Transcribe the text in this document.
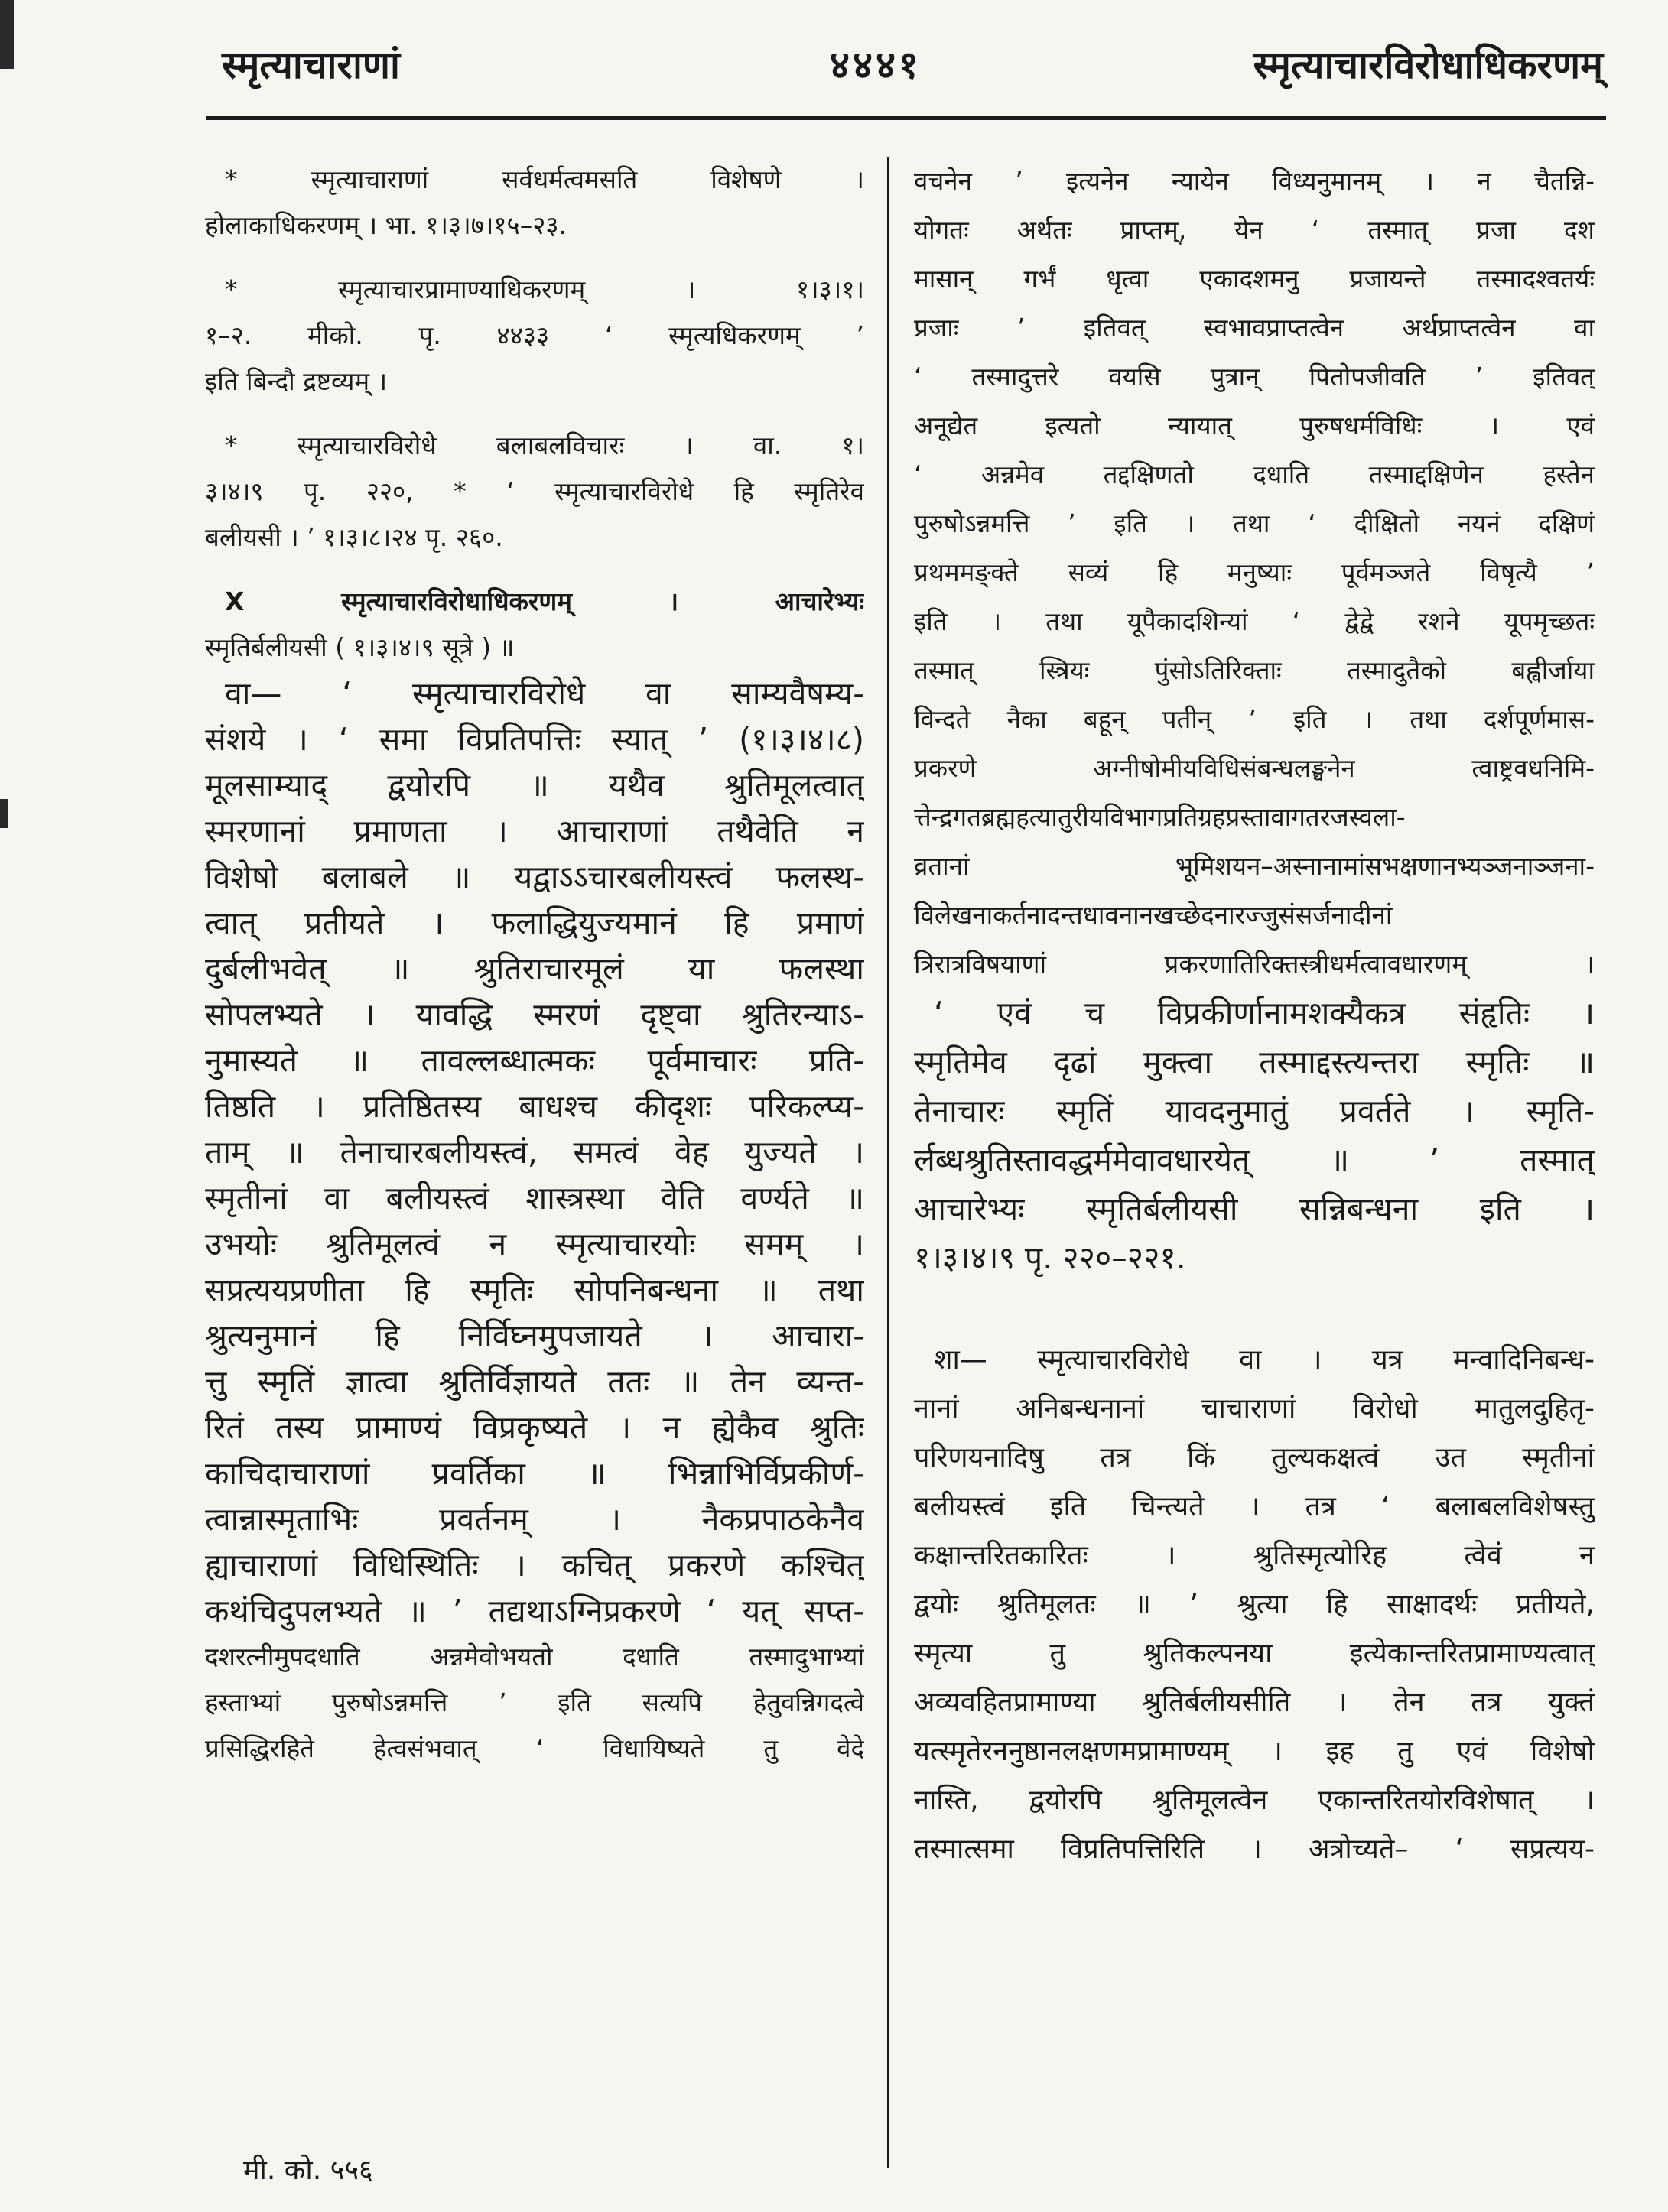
स्मृत्याचाराणां	४४४१	स्मृत्याचारविरोधाधिकरणम्
* स्मृत्याचाराणां सर्वधर्मत्वमसति विशेषणे ।
होलाकाधिकरणम् । भा. १।३।७।१५–२३.
* स्मृत्याचारप्रामाण्याधिकरणम् । १।३।१।
१–२. मीको. पृ. ४४३३ ‘ स्मृत्यधिकरणम् ’
इति बिन्दौ द्रष्टव्यम् ।
* स्मृत्याचारविरोधे बलाबलविचारः । वा. १।
३।४।९ पृ. २२०, * ‘ स्मृत्याचारविरोधे हि स्मृतिरेव
बलीयसी । ’ १।३।८।२४ पृ. २६०.
X स्मृत्याचारविरोधाधिकरणम् । आचारेभ्यः
स्मृतिर्बलीयसी ( १।३।४।९ सूत्रे ) ॥
वा— ‘ स्मृत्याचारविरोधे वा साम्यवैषम्य-
संशये । ‘ समा विप्रतिपत्तिः स्यात् ’ (१।३।४।८)
मूलसाम्याद् द्वयोरपि ॥ यथैव श्रुतिमूलत्वात्
स्मरणानां प्रमाणता । आचाराणां तथैवेति न
विशेषो बलाबले ॥ यद्वाऽऽचारबलीयस्त्वं फलस्थ-
त्वात् प्रतीयते । फलाद्धियुज्यमानं हि प्रमाणं
दुर्बलीभवेत् ॥ श्रुतिराचारमूलं या फलस्था
सोपलभ्यते । यावद्धि स्मरणं दृष्ट्वा श्रुतिरन्याऽ-
नुमास्यते ॥ तावल्लब्धात्मकः पूर्वमाचारः प्रति-
तिष्ठति । प्रतिष्ठितस्य बाधश्च कीदृशः परिकल्प्य-
ताम् ॥ तेनाचारबलीयस्त्वं, समत्वं वेह युज्यते ।
स्मृतीनां वा बलीयस्त्वं शास्त्रस्था वेति वर्ण्यते ॥
उभयोः श्रुतिमूलत्वं न स्मृत्याचारयोः समम् ।
सप्रत्ययप्रणीता हि स्मृतिः सोपनिबन्धना ॥ तथा
श्रुत्यनुमानं हि निर्विघ्नमुपजायते । आचारा-
त्तु स्मृतिं ज्ञात्वा श्रुतिर्विज्ञायते ततः ॥ तेन व्यन्त-
रितं तस्य प्रामाण्यं विप्रकृष्यते । न ह्येकैव श्रुतिः
काचिदाचाराणां प्रवर्तिका ॥ भिन्नाभिर्विप्रकीर्ण-
त्वान्नास्मृताभिः प्रवर्तनम् । नैकप्रपाठकेनैव
ह्याचाराणां विधिस्थितिः । कचित् प्रकरणे कश्चित्
कथंचिदुपलभ्यते ॥ ’ तद्यथाऽग्निप्रकरणे ‘ यत् सप्त-
दशरत्नीमुपदधाति अन्नमेवोभयतो दधाति तस्मादुभाभ्यां
हस्ताभ्यां पुरुषोऽन्नमत्ति ’ इति सत्यपि हेतुवन्निगदत्वे
प्रसिद्धिरहिते हेत्वसंभवात् ‘ विधायिष्यते तु वेदे
वचनेन ’ इत्यनेन न्यायेन विध्यनुमानम् । न चैतन्नि-
योगतः अर्थतः प्राप्तम्, येन ‘ तस्मात् प्रजा दश
मासान् गर्भं धृत्वा एकादशमनु प्रजायन्ते तस्मादश्वतर्यः
प्रजाः ’ इतिवत् स्वभावप्राप्तत्वेन अर्थप्राप्तत्वेन वा
‘ तस्मादुत्तरे वयसि पुत्रान् पितोपजीवति ’ इतिवत्
अनूद्येत इत्यतो न्यायात् पुरुषधर्मविधिः । एवं
‘ अन्नमेव तद्दक्षिणतो दधाति तस्माद्दक्षिणेन हस्तेन
पुरुषोऽन्नमत्ति ’ इति । तथा ‘ दीक्षितो नयनं दक्षिणं
प्रथममङ्क्ते सव्यं हि मनुष्याः पूर्वमञ्जते विषृत्यै ’
इति । तथा यूपैकादशिन्यां ‘ द्वेद्वे रशने यूपमृच्छतः
तस्मात् स्त्रियः पुंसोऽतिरिक्ताः तस्मादुतैको बह्वीर्जाया
विन्दते नैका बहून् पतीन् ’ इति । तथा दर्शपूर्णमास-
प्रकरणे अग्नीषोमीयविधिसंबन्धलङ्घनेन त्वाष्ट्रवधनिमि-
त्तेन्द्रगतब्रह्महत्यातुरीयविभागप्रतिग्रहप्रस्तावागतरजस्वला-
व्रतानां भूमिशयन–अस्नानामांसभक्षणानभ्यञ्जनाञ्जना-
विलेखनाकर्तनादन्तधावनानखच्छेदनारज्जुसंसर्जनादीनां
त्रिरात्रविषयाणां प्रकरणातिरिक्तस्त्रीधर्मत्वावधारणम् ।
‘ एवं च विप्रकीर्णानामशक्यैकत्र संहृतिः ।
स्मृतिमेव दृढां मुक्त्वा तस्माद्दस्त्यन्तरा स्मृतिः ॥
तेनाचारः स्मृतिं यावदनुमातुं प्रवर्तते । स्मृति-
र्लब्धश्रुतिस्तावद्धर्ममेवावधारयेत् ॥ ’ तस्मात्
आचारेभ्यः स्मृतिर्बलीयसी सन्निबन्धना इति ।
१।३।४।९ पृ. २२०–२२१.
शा— स्मृत्याचारविरोधे वा । यत्र मन्वादिनिबन्ध-
नानां अनिबन्धनानां चाचाराणां विरोधो मातुलदुहितृ-
परिणयनादिषु तत्र किं तुल्यकक्षत्वं उत स्मृतीनां
बलीयस्त्वं इति चिन्त्यते । तत्र ‘ बलाबलविशेषस्तु
कक्षान्तरितकारितः । श्रुतिस्मृत्योरिह त्वेवं न
द्वयोः श्रुतिमूलतः ॥ ’ श्रुत्या हि साक्षादर्थः प्रतीयते,
स्मृत्या तु श्रुतिकल्पनया इत्येकान्तरितप्रामाण्यत्वात्
अव्यवहितप्रामाण्या श्रुतिर्बलीयसीति । तेन तत्र युक्तं
यत्स्मृतेरननुष्ठानलक्षणमप्रामाण्यम् । इह तु एवं विशेषो
नास्ति, द्वयोरपि श्रुतिमूलत्वेन एकान्तरितयोरविशेषात् ।
तस्मात्समा विप्रतिपत्तिरिति । अत्रोच्यते– ‘ सप्रत्यय-
मी. को. ५५६
